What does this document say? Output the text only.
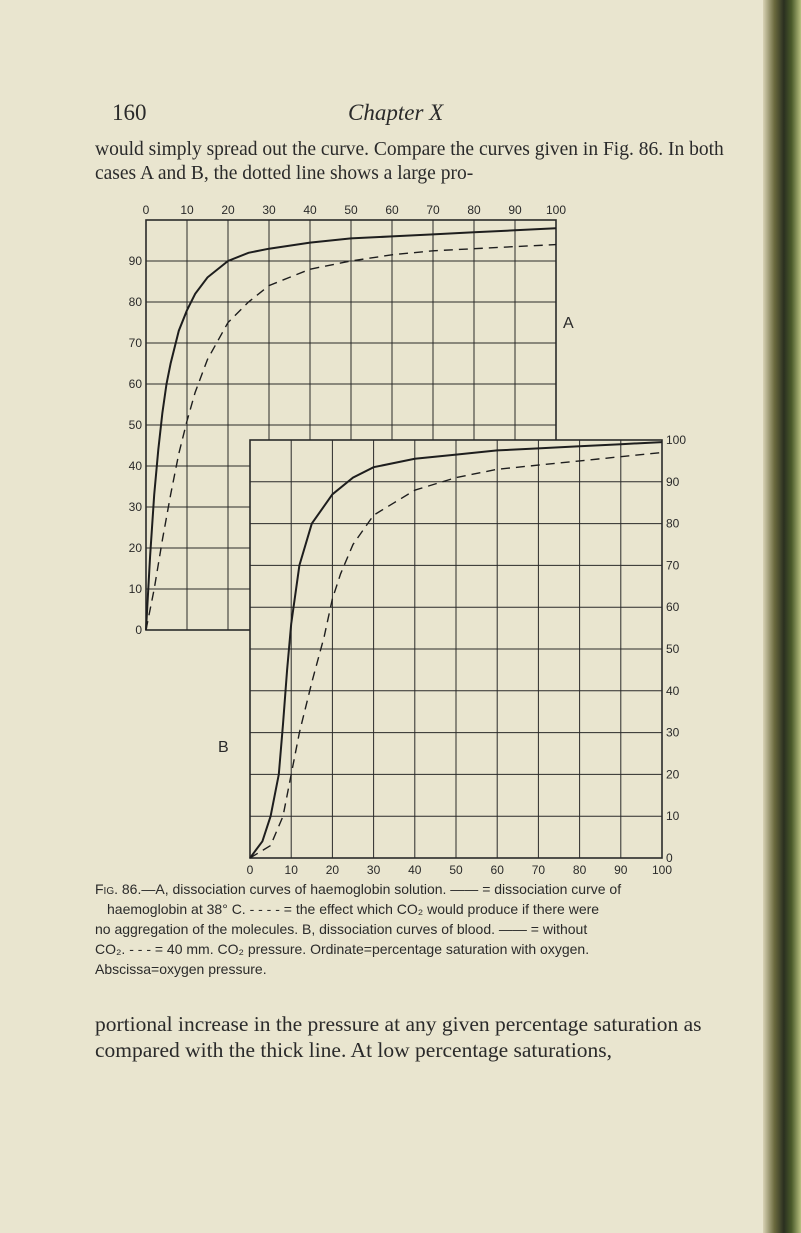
160	Chapter X

would simply spread out the curve. Compare the curves given in Fig. 86. In both cases A and B, the dotted line shows a large pro-

0	10 20 30 40 50 60 70 80 90 100
0
10
20
30
40
50
60
70
80
90
A
0	10 20 30 40 50 60 70 80 90 100
0
10
20
30
40
50
60
70
80
90
100
B

Fig. 86.—A, dissociation curves of haemoglobin solution. —— = dissociation curve of
haemoglobin at 38° C. - - - - = the effect which CO₂ would produce if there were
no aggregation of the molecules. B, dissociation curves of blood. —— = without
CO₂. - - - = 40 mm. CO₂ pressure. Ordinate=percentage saturation with oxygen.
Abscissa=oxygen pressure.

portional increase in the pressure at any given percentage saturation as compared with the thick line. At low percentage saturations,
